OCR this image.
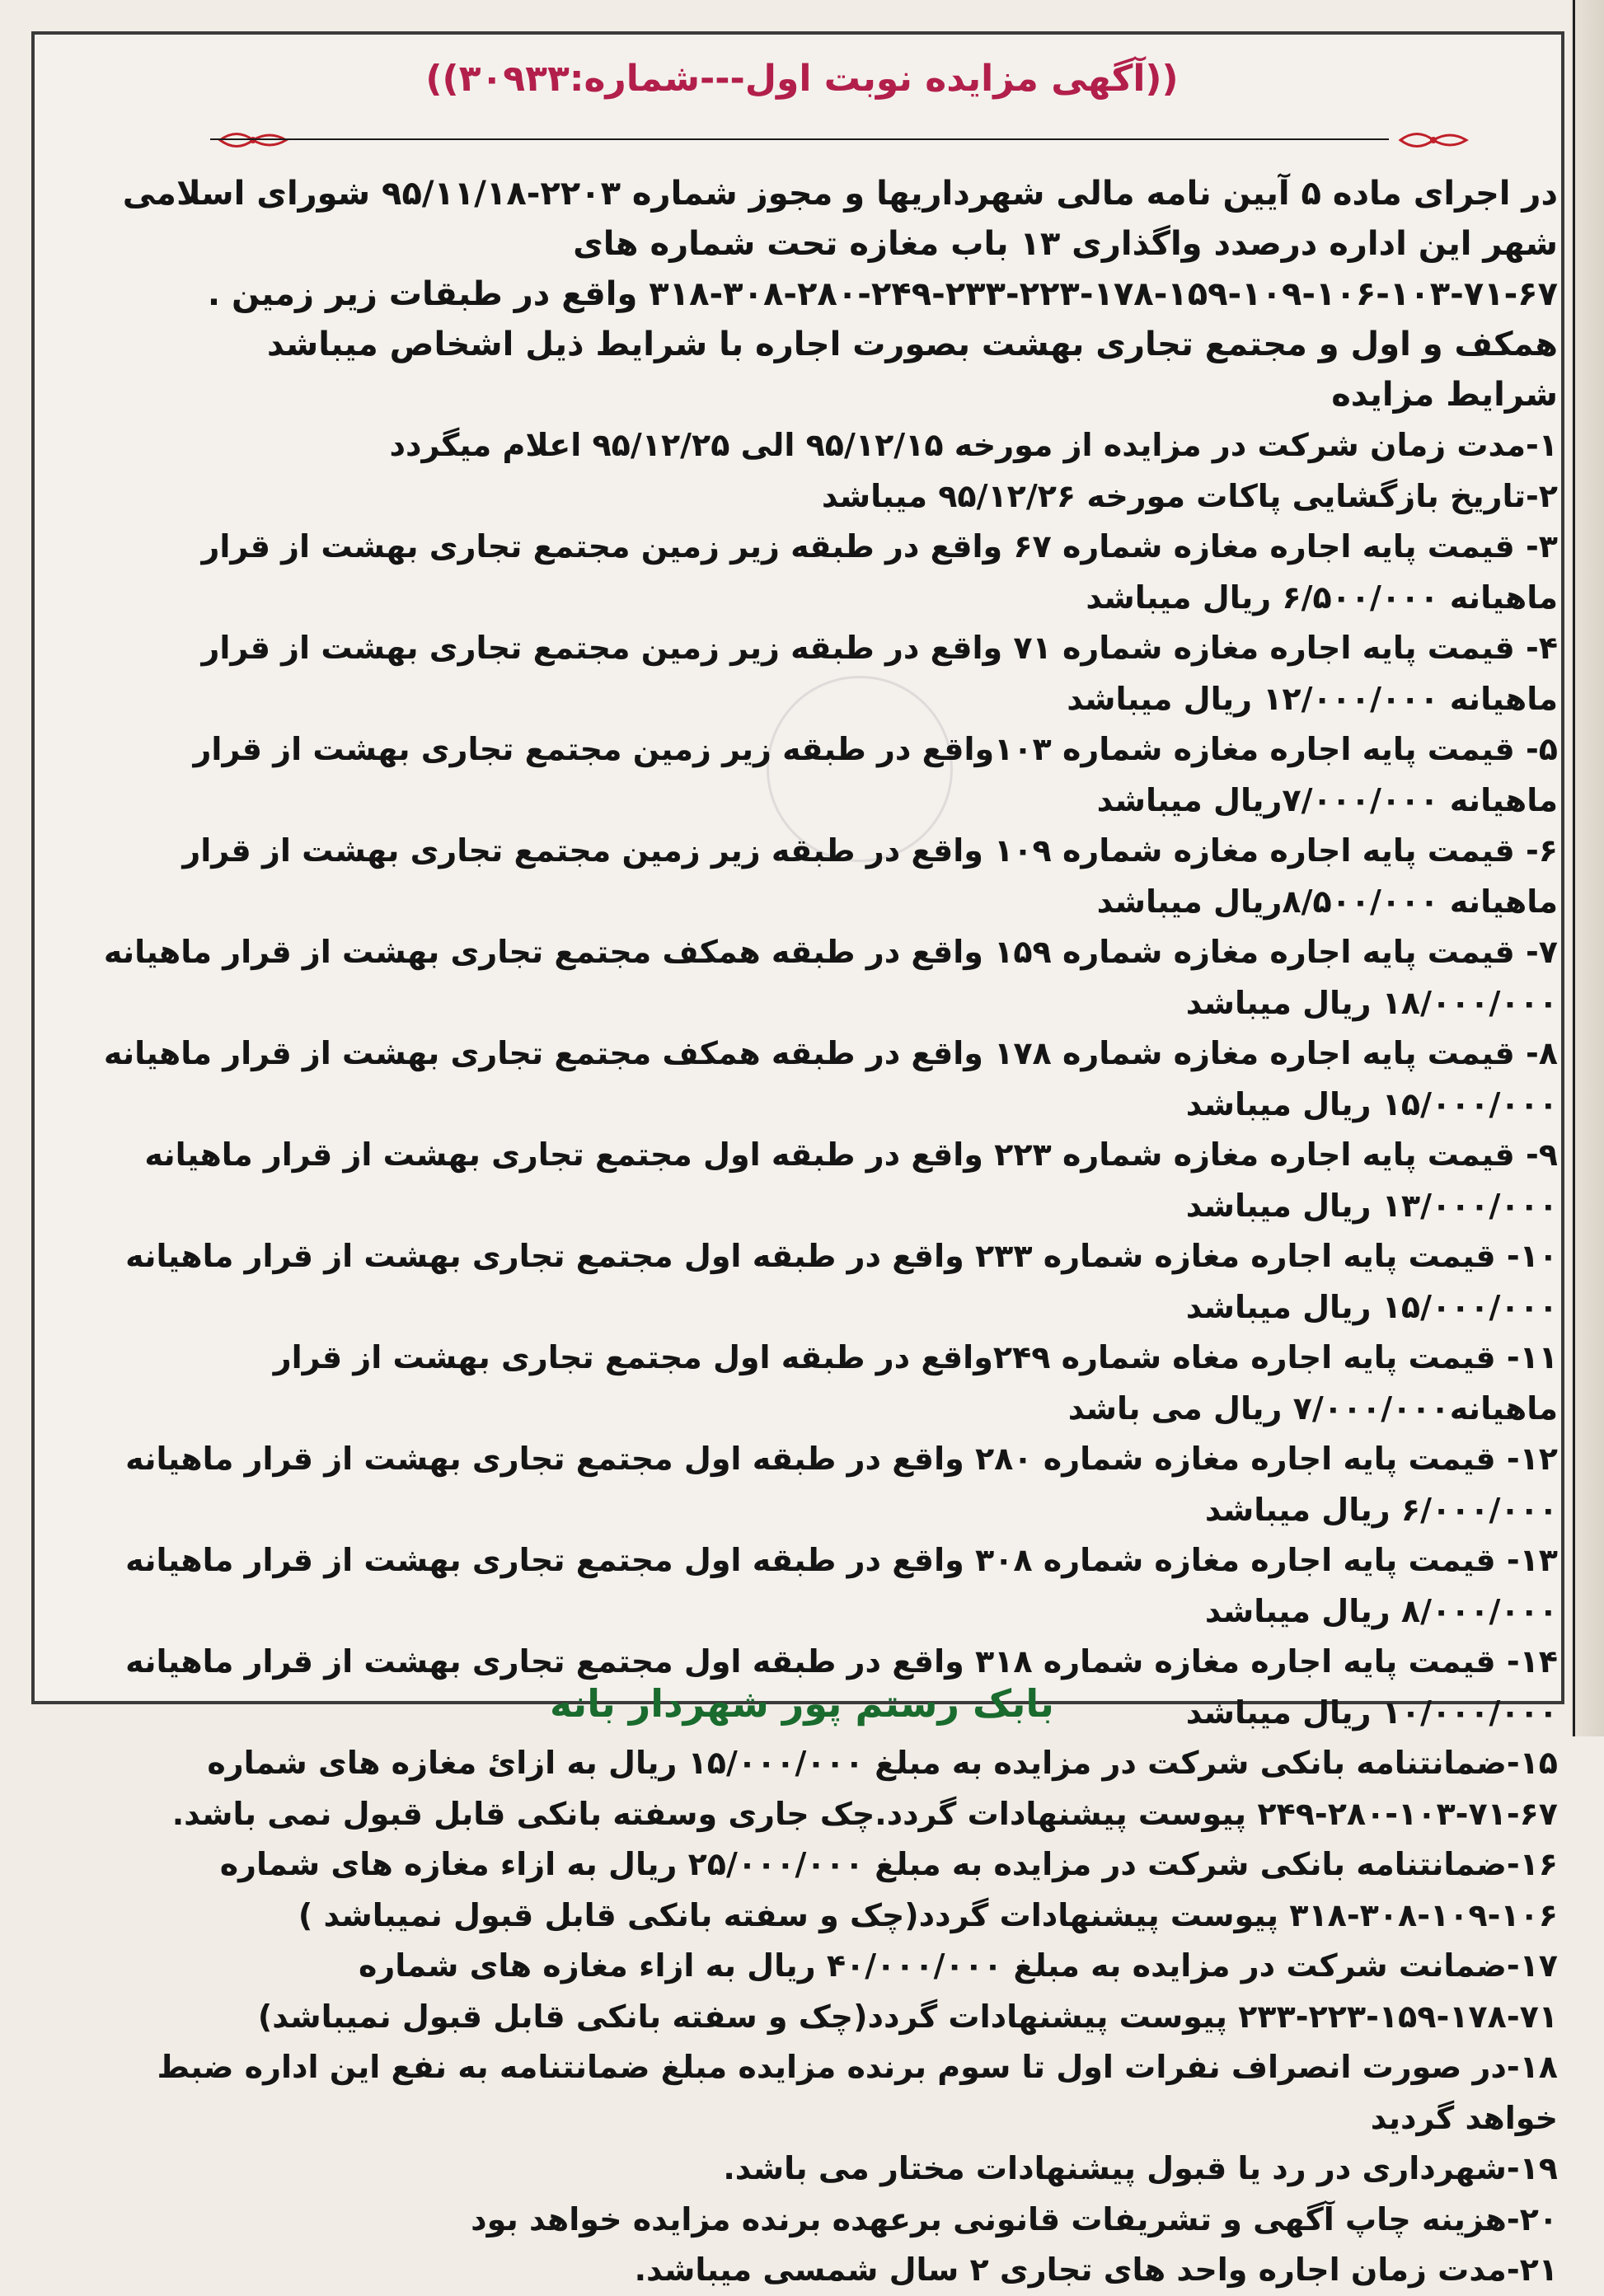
((آگهی مزایده نوبت اول---شماره:۳۰۹۳۳))

در اجرای ماده ۵ آیین نامه مالی شهرداریها و مجوز شماره ۲۲۰۳-۹۵/۱۱/۱۸ شورای اسلامی شهر این اداره درصدد واگذاری ۱۳ باب مغازه تحت شماره های ۶۷-۷۱-۱۰۳-۱۰۶-۱۰۹-۱۵۹-۱۷۸-۲۲۳-۲۳۳-۲۴۹-۲۸۰-۳۰۸-۳۱۸ واقع در طبقات زیر زمین . همکف و اول و مجتمع تجاری بهشت بصورت اجاره با شرایط ذیل اشخاص میباشد

شرایط مزایده

۱-مدت زمان شرکت در مزایده از مورخه ۹۵/۱۲/۱۵ الی ۹۵/۱۲/۲۵ اعلام میگردد

۲-تاریخ بازگشایی پاکات مورخه ۹۵/۱۲/۲۶ میباشد

۳- قیمت پایه اجاره مغازه شماره ۶۷ واقع در طبقه زیر زمین مجتمع تجاری بهشت از قرار ماهیانه ۶/۵۰۰/۰۰۰ ریال میباشد

۴- قیمت پایه اجاره مغازه شماره ۷۱ واقع در طبقه زیر زمین مجتمع تجاری بهشت از قرار ماهیانه ۱۲/۰۰۰/۰۰۰ ریال میباشد

۵- قیمت پایه اجاره مغازه شماره ۱۰۳واقع در طبقه زیر زمین مجتمع تجاری بهشت از قرار ماهیانه ۷/۰۰۰/۰۰۰ریال میباشد

۶- قیمت پایه اجاره مغازه شماره ۱۰۹ واقع در طبقه زیر زمین مجتمع تجاری بهشت از قرار ماهیانه ۸/۵۰۰/۰۰۰ریال میباشد

۷- قیمت پایه اجاره مغازه شماره ۱۵۹ واقع در طبقه همکف مجتمع تجاری بهشت از قرار ماهیانه ۱۸/۰۰۰/۰۰۰ ریال میباشد

۸- قیمت پایه اجاره مغازه شماره ۱۷۸ واقع در طبقه همکف مجتمع تجاری بهشت از قرار ماهیانه ۱۵/۰۰۰/۰۰۰ ریال میباشد

۹- قیمت پایه اجاره مغازه شماره ۲۲۳ واقع در طبقه اول مجتمع تجاری بهشت از قرار ماهیانه ۱۳/۰۰۰/۰۰۰ ریال میباشد

۱۰- قیمت پایه اجاره مغازه شماره ۲۳۳ واقع در طبقه اول مجتمع تجاری بهشت از قرار ماهیانه ۱۵/۰۰۰/۰۰۰ ریال میباشد

۱۱- قیمت پایه اجاره مغاه شماره ۲۴۹واقع در طبقه اول مجتمع تجاری بهشت از قرار ماهیانه۷/۰۰۰/۰۰۰ ریال می باشد

۱۲- قیمت پایه اجاره مغازه شماره ۲۸۰ واقع در طبقه اول مجتمع تجاری بهشت از قرار ماهیانه ۶/۰۰۰/۰۰۰ ریال میباشد

۱۳- قیمت پایه اجاره مغازه شماره ۳۰۸ واقع در طبقه اول مجتمع تجاری بهشت از قرار ماهیانه ۸/۰۰۰/۰۰۰ ریال میباشد

۱۴- قیمت پایه اجاره مغازه شماره ۳۱۸ واقع در طبقه اول مجتمع تجاری بهشت از قرار ماهیانه ۱۰/۰۰۰/۰۰۰ ریال میباشد

۱۵-ضمانتنامه بانکی شرکت در مزایده به مبلغ ۱۵/۰۰۰/۰۰۰ ریال به ازائ مغازه های شماره ۶۷-۷۱-۱۰۳-۲۸۰-۲۴۹ پیوست پیشنهادات گردد.چک جاری وسفته بانکی قابل قبول نمی باشد.

۱۶-ضمانتنامه بانکی شرکت در مزایده به مبلغ ۲۵/۰۰۰/۰۰۰ ریال به ازاء مغازه های شماره ۱۰۶-۱۰۹-۳۰۸-۳۱۸ پیوست پیشنهادات گردد(چک و سفته بانکی قابل قبول نمیباشد )

۱۷-ضمانت شرکت در مزایده به مبلغ ۴۰/۰۰۰/۰۰۰ ریال به ازاء مغازه های شماره ۷۱-۱۷۸-۱۵۹-۲۲۳-۲۳۳ پیوست پیشنهادات گردد(چک و سفته بانکی قابل قبول نمیباشد)

۱۸-در صورت انصراف نفرات اول تا سوم برنده مزایده مبلغ ضمانتنامه به نفع این اداره ضبط خواهد گردید

۱۹-شهرداری در رد یا قبول پیشنهادات مختار می باشد.

۲۰-هزینه چاپ آگهی و تشریفات قانونی برعهده برنده مزایده خواهد بود

۲۱-مدت زمان اجاره واحد های تجاری ۲ سال شمسی میباشد.

بابک رستم پور شهردار بانه
